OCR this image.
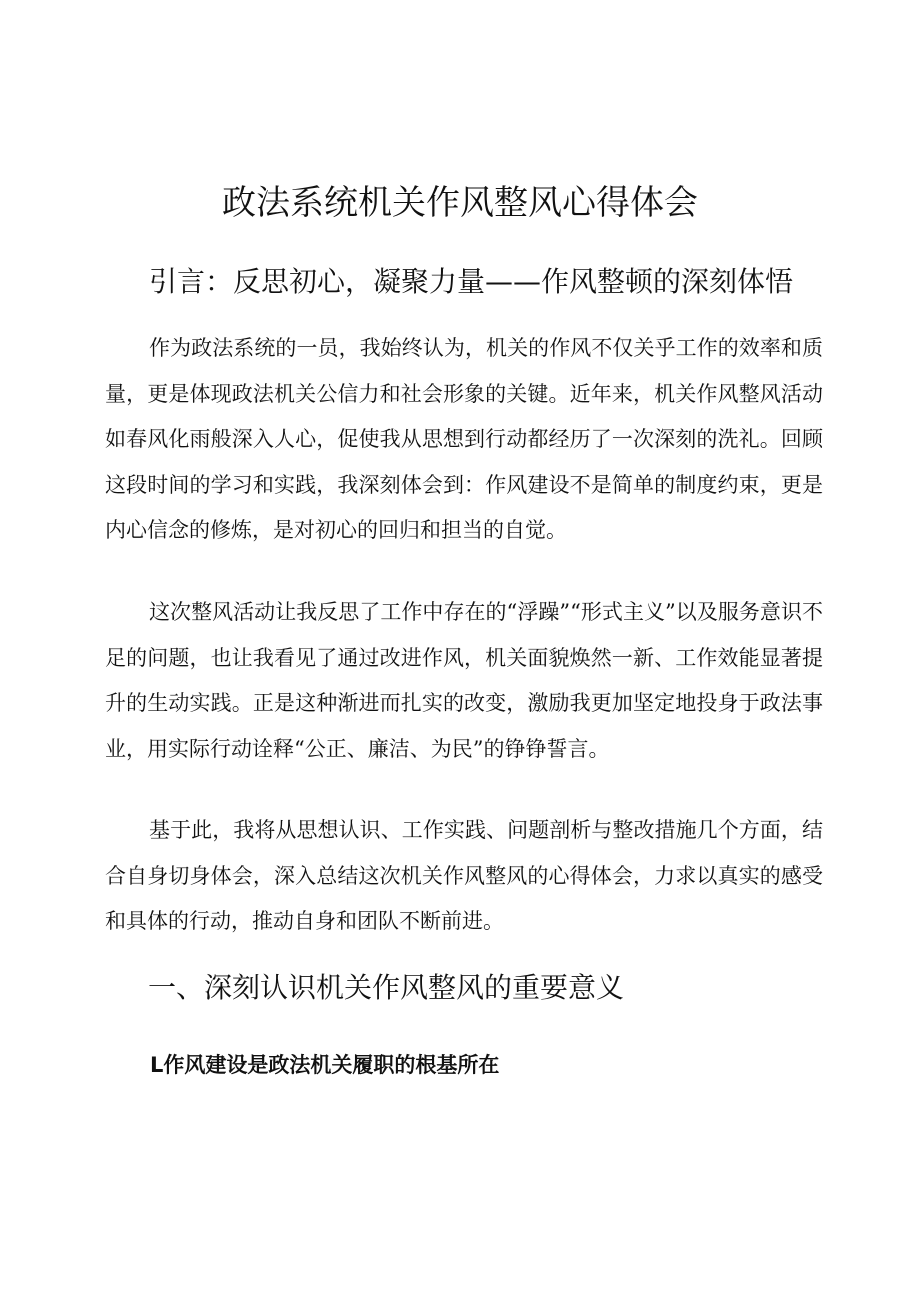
政法系统机关作风整风心得体会
引言：反思初心，凝聚力量——作风整顿的深刻体悟

作为政法系统的一员，我始终认为，机关的作风不仅关乎工作的效率和质量，更是体现政法机关公信力和社会形象的关键。近年来，机关作风整风活动如春风化雨般深入人心，促使我从思想到行动都经历了一次深刻的洗礼。回顾这段时间的学习和实践，我深刻体会到：作风建设不是简单的制度约束，更是内心信念的修炼，是对初心的回归和担当的自觉。

这次整风活动让我反思了工作中存在的“浮躁”“形式主义”以及服务意识不足的问题，也让我看见了通过改进作风，机关面貌焕然一新、工作效能显著提升的生动实践。正是这种渐进而扎实的改变，激励我更加坚定地投身于政法事业，用实际行动诠释“公正、廉洁、为民”的铮铮誓言。

基于此，我将从思想认识、工作实践、问题剖析与整改措施几个方面，结合自身切身体会，深入总结这次机关作风整风的心得体会，力求以真实的感受和具体的行动，推动自身和团队不断前进。

一、深刻认识机关作风整风的重要意义
L作风建设是政法机关履职的根基所在
